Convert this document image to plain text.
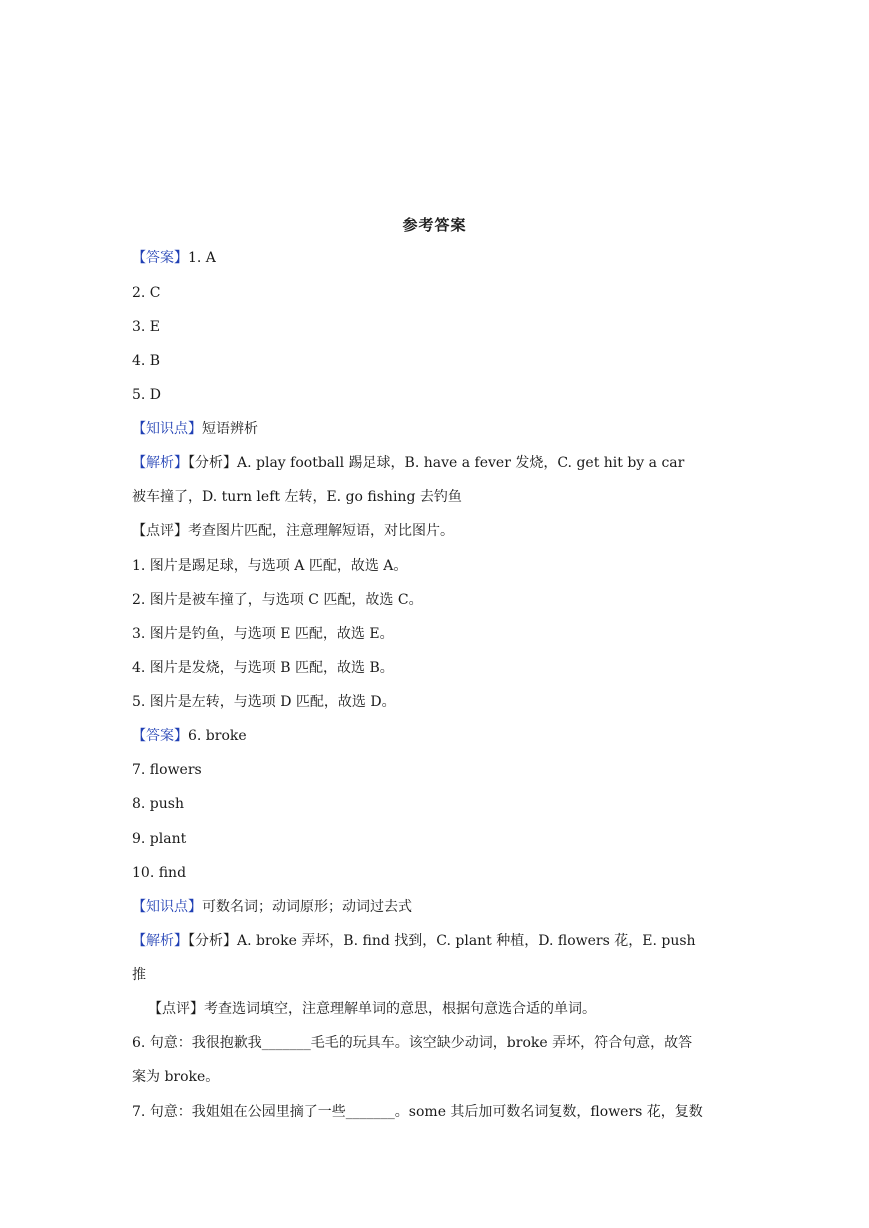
参考答案
【答案】1. A
2. C
3. E
4. B
5. D
【知识点】短语辨析
【解析】【分析】A. play football 踢足球，B. have a fever 发烧，C. get hit by a car
被车撞了，D. turn left 左转，E. go fishing 去钓鱼
【点评】考查图片匹配，注意理解短语，对比图片。
1. 图片是踢足球，与选项 A 匹配，故选 A。
2. 图片是被车撞了，与选项 C 匹配，故选 C。
3. 图片是钓鱼，与选项 E 匹配，故选 E。
4. 图片是发烧，与选项 B 匹配，故选 B。
5. 图片是左转，与选项 D 匹配，故选 D。
【答案】6. broke
7. flowers
8. push
9. plant
10. find
【知识点】可数名词；动词原形；动词过去式
【解析】【分析】A. broke 弄坏，B. find 找到，C. plant 种植，D. flowers 花，E. push
推
【点评】考查选词填空，注意理解单词的意思，根据句意选合适的单词。
6. 句意：我很抱歉我_______毛毛的玩具车。该空缺少动词，broke 弄坏，符合句意，故答
案为 broke。
7. 句意：我姐姐在公园里摘了一些_______。some 其后加可数名词复数，flowers 花，复数
